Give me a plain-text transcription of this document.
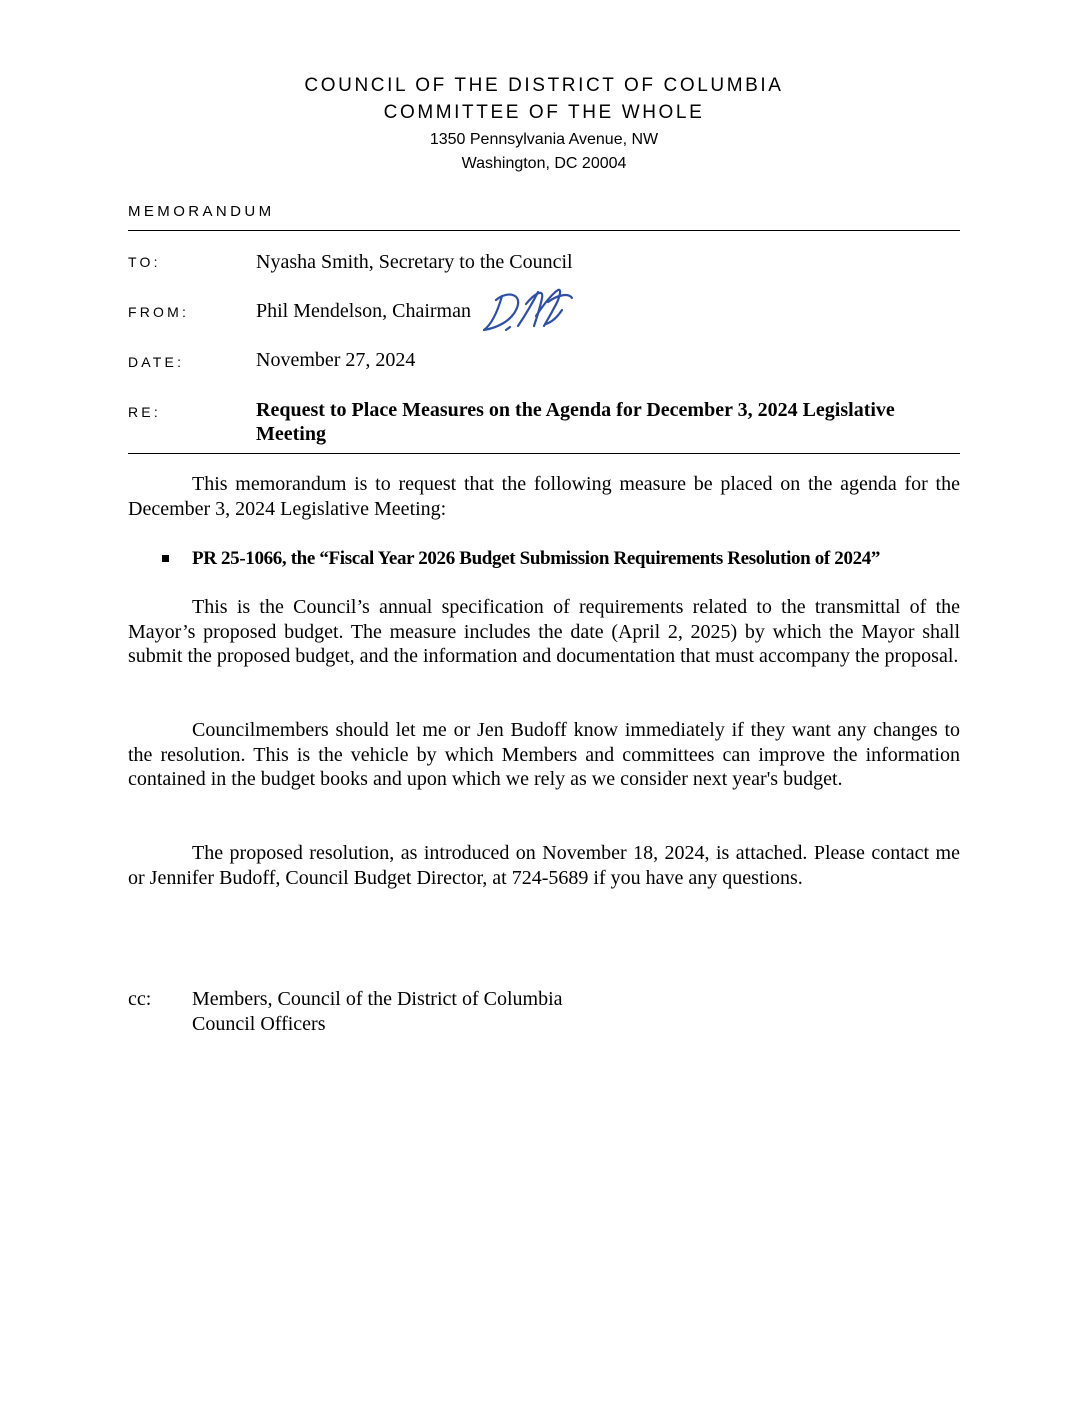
COUNCIL OF THE DISTRICT OF COLUMBIA
COMMITTEE OF THE WHOLE
1350 Pennsylvania Avenue, NW
Washington, DC 20004
MEMORANDUM
TO:	Nyasha Smith, Secretary to the Council
FROM:	Phil Mendelson, Chairman
DATE:	November 27, 2024
RE:	Request to Place Measures on the Agenda for December 3, 2024 Legislative Meeting
This memorandum is to request that the following measure be placed on the agenda for the December 3, 2024 Legislative Meeting:
PR 25-1066, the “Fiscal Year 2026 Budget Submission Requirements Resolution of 2024”
This is the Council’s annual specification of requirements related to the transmittal of the Mayor’s proposed budget. The measure includes the date (April 2, 2025) by which the Mayor shall submit the proposed budget, and the information and documentation that must accompany the proposal.
Councilmembers should let me or Jen Budoff know immediately if they want any changes to the resolution. This is the vehicle by which Members and committees can improve the information contained in the budget books and upon which we rely as we consider next year's budget.
The proposed resolution, as introduced on November 18, 2024, is attached. Please contact me or Jennifer Budoff, Council Budget Director, at 724-5689 if you have any questions.
cc: Members, Council of the District of Columbia
Council Officers
